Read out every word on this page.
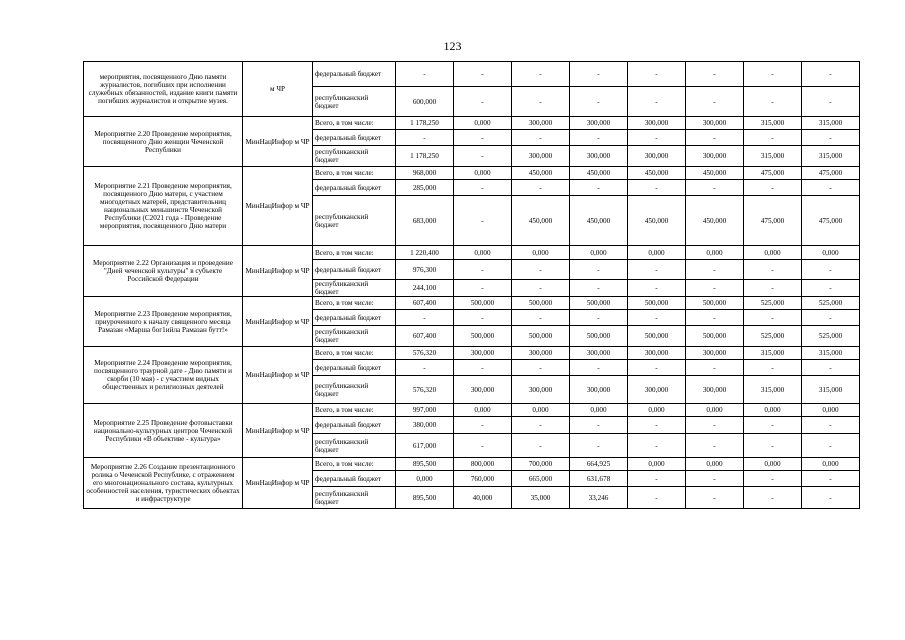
123
мероприятия, посвященного Дню памяти журналистов, погибших при исполнении служебных обязанностей, издание книги памяти погибших журналистов и открытие музея.	м ЧР	федеральный бюджет	-	-	-	-	-	-	-	-
		республиканский бюджет	600,000	-	-	-	-	-	-	-
Мероприятие 2.20 Проведение мероприятия, посвященного Дню женщин Чеченской Республики	МинНацИнфор м ЧР	Всего, в том числе:	1 178,250	0,000	300,000	300,000	300,000	300,000	315,000	315,000
		федеральный бюджет	-	-	-	-	-	-	-	-
		республиканский бюджет	1 178,250	-	300,000	300,000	300,000	300,000	315,000	315,000
Мероприятие 2.21 Проведение мероприятия, посвященного Дню матери, с участием многодетных матерей, представительниц национальных меньшинств Чеченской Республики (С2021 года - Проведение мероприятия, посвященного Дню матери	МинНацИнфор м ЧР	Всего, в том числе:	968,000	0,000	450,000	450,000	450,000	450,000	475,000	475,000
		федеральный бюджет	285,000	-	-	-	-	-	-	-
		республиканский бюджет	683,000	-	450,000	450,000	450,000	450,000	475,000	475,000
Мероприятие 2.22 Организация и проведение "Дней чеченской культуры" в субъекте Российской Федерации	МинНацИнфор м ЧР	Всего, в том числе:	1 220,400	0,000	0,000	0,000	0,000	0,000	0,000	0,000
		федеральный бюджет	976,300	-	-	-	-	-	-	-
		республиканский бюджет	244,100	-	-	-	-	-	-	-
Мероприятие 2.23 Проведение мероприятия, приуроченного к началу священного месяца Рамазан «Марша бог1ийла Рамазан бутт!»	МинНацИнфор м ЧР	Всего, в том числе:	607,400	500,000	500,000	500,000	500,000	500,000	525,000	525,000
		федеральный бюджет	-	-	-	-	-	-	-	-
		республиканский бюджет	607,400	500,000	500,000	500,000	500,000	500,000	525,000	525,000
Мероприятие 2.24 Проведение мероприятия, посвященного траурной дате - Дню памяти и скорби (10 мая) - с участием видных общественных и религиозных деятелей	МинНацИнфор м ЧР	Всего, в том числе:	576,320	300,000	300,000	300,000	300,000	300,000	315,000	315,000
		федеральный бюджет	-	-	-	-	-	-	-	-
		республиканский бюджет	576,320	300,000	300,000	300,000	300,000	300,000	315,000	315,000
Мероприятие 2.25 Проведение фотовыставки национально-культурных центров Чеченской Республики «В объективе - культура»	МинНацИнфор м ЧР	Всего, в том числе:	997,000	0,000	0,000	0,000	0,000	0,000	0,000	0,000
		федеральный бюджет	380,000	-	-	-	-	-	-	-
		республиканский бюджет	617,000	-	-	-	-	-	-	-
Мероприятие 2.26 Создание презентационного ролика о Чеченской Республике, с отражением его многонационального состава, культурных особенностей населения, туристических объектах и инфраструктуре	МинНацИнфор м ЧР	Всего, в том числе:	895,500	800,000	700,000	664,925	0,000	0,000	0,000	0,000
		федеральный бюджет	0,000	760,000	665,000	631,678	-	-	-	-
		республиканский бюджет	895,500	40,000	35,000	33,246	-	-	-	-
